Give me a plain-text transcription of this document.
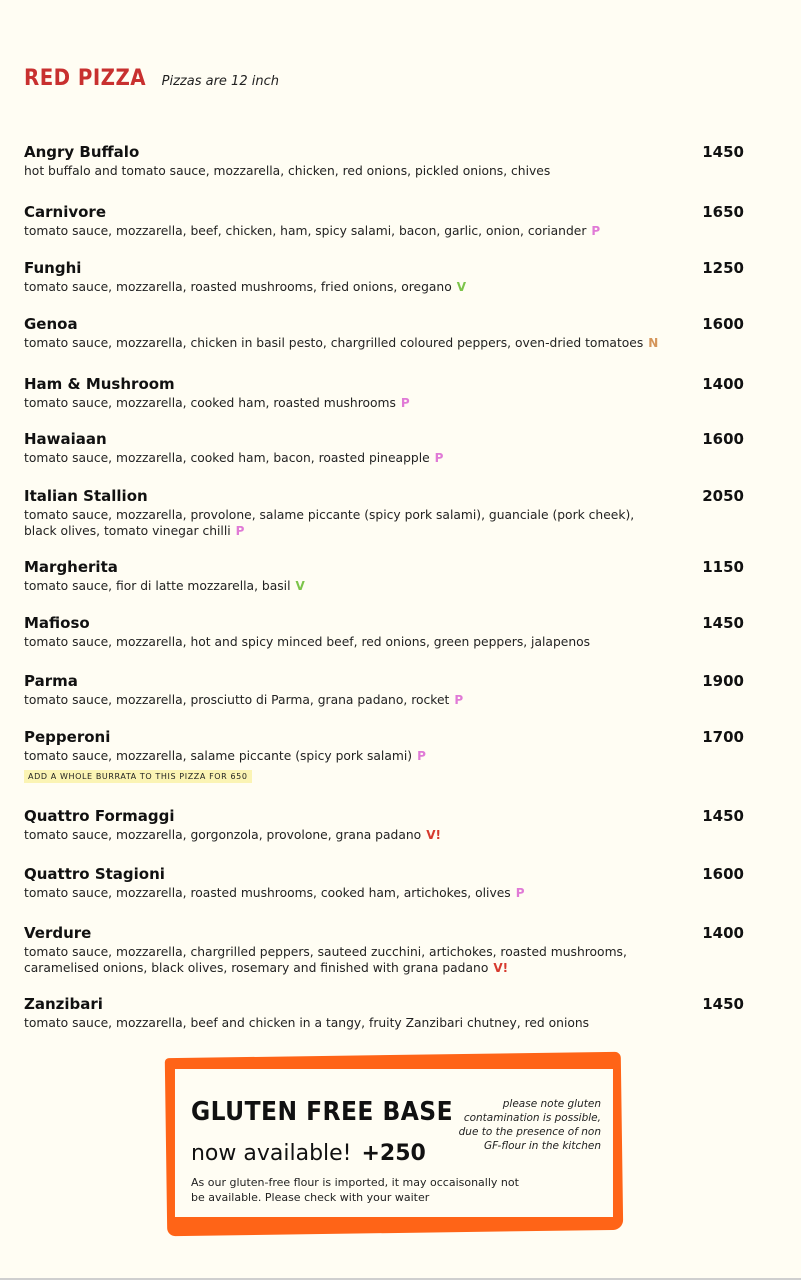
RED PIZZA Pizzas are 12 inch
Angry Buffalo	1450
hot buffalo and tomato sauce, mozzarella, chicken, red onions, pickled onions, chives
Carnivore	1650
tomato sauce, mozzarella, beef, chicken, ham, spicy salami, bacon, garlic, onion, coriander P
Funghi	1250
tomato sauce, mozzarella, roasted mushrooms, fried onions, oregano V
Genoa	1600
tomato sauce, mozzarella, chicken in basil pesto, chargrilled coloured peppers, oven-dried tomatoes N
Ham & Mushroom	1400
tomato sauce, mozzarella, cooked ham, roasted mushrooms P
Hawaiaan	1600
tomato sauce, mozzarella, cooked ham, bacon, roasted pineapple P
Italian Stallion	2050
tomato sauce, mozzarella, provolone, salame piccante (spicy pork salami), guanciale (pork cheek), black olives, tomato vinegar chilli P
Margherita	1150
tomato sauce, fior di latte mozzarella, basil V
Mafioso	1450
tomato sauce, mozzarella, hot and spicy minced beef, red onions, green peppers, jalapenos
Parma	1900
tomato sauce, mozzarella, prosciutto di Parma, grana padano, rocket P
Pepperoni	1700
tomato sauce, mozzarella, salame piccante (spicy pork salami) P
ADD A WHOLE BURRATA TO THIS PIZZA FOR 650
Quattro Formaggi	1450
tomato sauce, mozzarella, gorgonzola, provolone, grana padano V!
Quattro Stagioni	1600
tomato sauce, mozzarella, roasted mushrooms, cooked ham, artichokes, olives P
Verdure	1400
tomato sauce, mozzarella, chargrilled peppers, sauteed zucchini, artichokes, roasted mushrooms, caramelised onions, black olives, rosemary and finished with grana padano V!
Zanzibari	1450
tomato sauce, mozzarella, beef and chicken in a tangy, fruity Zanzibari chutney, red onions
GLUTEN FREE BASE
now available! +250
As our gluten-free flour is imported, it may occaisonally not be available. Please check with your waiter
please note gluten contamination is possible, due to the presence of non GF-flour in the kitchen
